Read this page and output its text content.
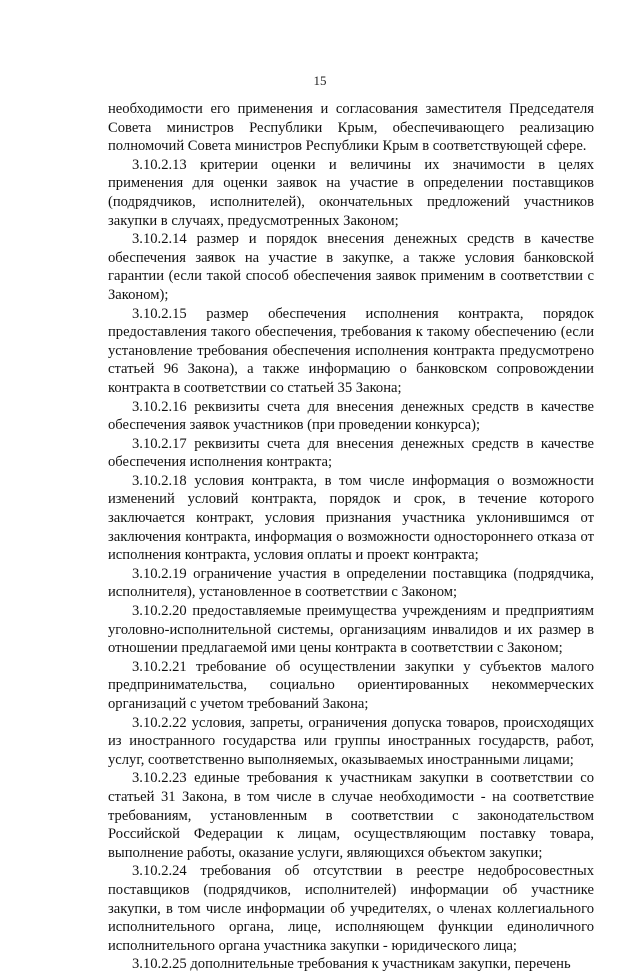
15

необходимости его применения и согласования заместителя Председателя Совета министров Республики Крым, обеспечивающего реализацию полномочий Совета министров Республики Крым в соответствующей сфере.

3.10.2.13 критерии оценки и величины их значимости в целях применения для оценки заявок на участие в определении поставщиков (подрядчиков, исполнителей), окончательных предложений участников закупки в случаях, предусмотренных Законом;

3.10.2.14 размер и порядок внесения денежных средств в качестве обеспечения заявок на участие в закупке, а также условия банковской гарантии (если такой способ обеспечения заявок применим в соответствии с Законом);

3.10.2.15 размер обеспечения исполнения контракта, порядок предоставления такого обеспечения, требования к такому обеспечению (если установление требования обеспечения исполнения контракта предусмотрено статьей 96 Закона), а также информацию о банковском сопровождении контракта в соответствии со статьей 35 Закона;

3.10.2.16 реквизиты счета для внесения денежных средств в качестве обеспечения заявок участников (при проведении конкурса);

3.10.2.17 реквизиты счета для внесения денежных средств в качестве обеспечения исполнения контракта;

3.10.2.18 условия контракта, в том числе информация о возможности изменений условий контракта, порядок и срок, в течение которого заключается контракт, условия признания участника уклонившимся от заключения контракта, информация о возможности одностороннего отказа от исполнения контракта, условия оплаты и проект контракта;

3.10.2.19 ограничение участия в определении поставщика (подрядчика, исполнителя), установленное в соответствии с Законом;

3.10.2.20 предоставляемые преимущества учреждениям и предприятиям уголовно-исполнительной системы, организациям инвалидов и их размер в отношении предлагаемой ими цены контракта в соответствии с Законом;

3.10.2.21 требование об осуществлении закупки у субъектов малого предпринимательства, социально ориентированных некоммерческих организаций с учетом требований Закона;

3.10.2.22 условия, запреты, ограничения допуска товаров, происходящих из иностранного государства или группы иностранных государств, работ, услуг, соответственно выполняемых, оказываемых иностранными лицами;

3.10.2.23 единые требования к участникам закупки в соответствии со статьей 31 Закона, в том числе в случае необходимости - на соответствие требованиям, установленным в соответствии с законодательством Российской Федерации к лицам, осуществляющим поставку товара, выполнение работы, оказание услуги, являющихся объектом закупки;

3.10.2.24 требования об отсутствии в реестре недобросовестных поставщиков (подрядчиков, исполнителей) информации об участнике закупки, в том числе информации об учредителях, о членах коллегиального исполнительного органа, лице, исполняющем функции единоличного исполнительного органа участника закупки - юридического лица;

3.10.2.25 дополнительные требования к участникам закупки, перечень
